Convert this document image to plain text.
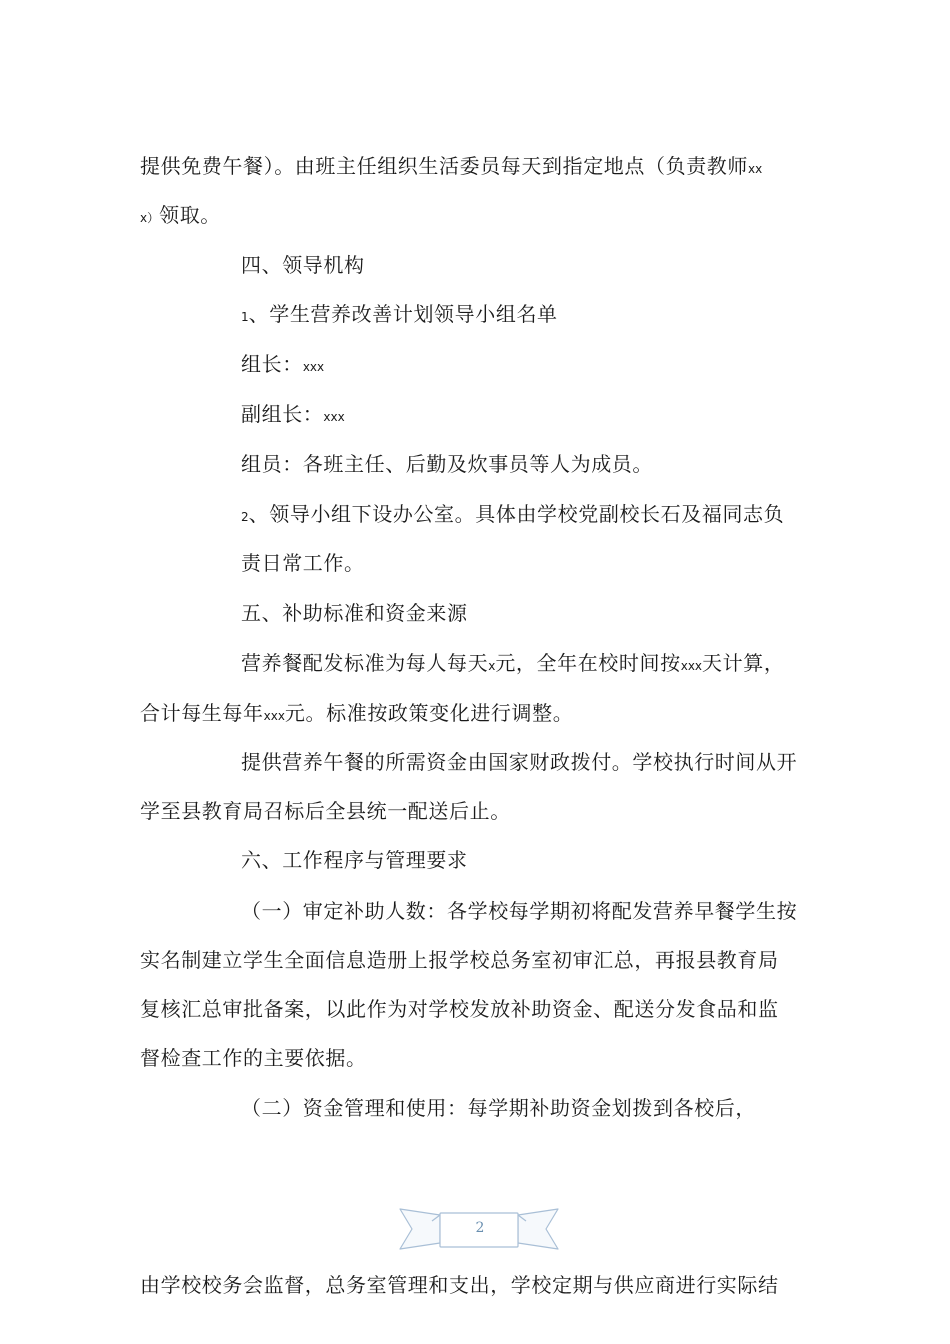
提供免费午餐）。由班主任组织生活委员每天到指定地点（负责教师xx
x）领取。
四、领导机构
1、学生营养改善计划领导小组名单
组长：xxx
副组长：xxx
组员：各班主任、后勤及炊事员等人为成员。
2、领导小组下设办公室。具体由学校党副校长石及福同志负
责日常工作。
五、补助标准和资金来源
营养餐配发标准为每人每天x元，全年在校时间按xxx天计算，
合计每生每年xxx元。标准按政策变化进行调整。
提供营养午餐的所需资金由国家财政拨付。学校执行时间从开
学至县教育局召标后全县统一配送后止。
六、工作程序与管理要求
（一）审定补助人数：各学校每学期初将配发营养早餐学生按
实名制建立学生全面信息造册上报学校总务室初审汇总，再报县教育局
复核汇总审批备案，以此作为对学校发放补助资金、配送分发食品和监
督检查工作的主要依据。
（二）资金管理和使用：每学期补助资金划拨到各校后，
2
由学校校务会监督，总务室管理和支出，学校定期与供应商进行实际结
